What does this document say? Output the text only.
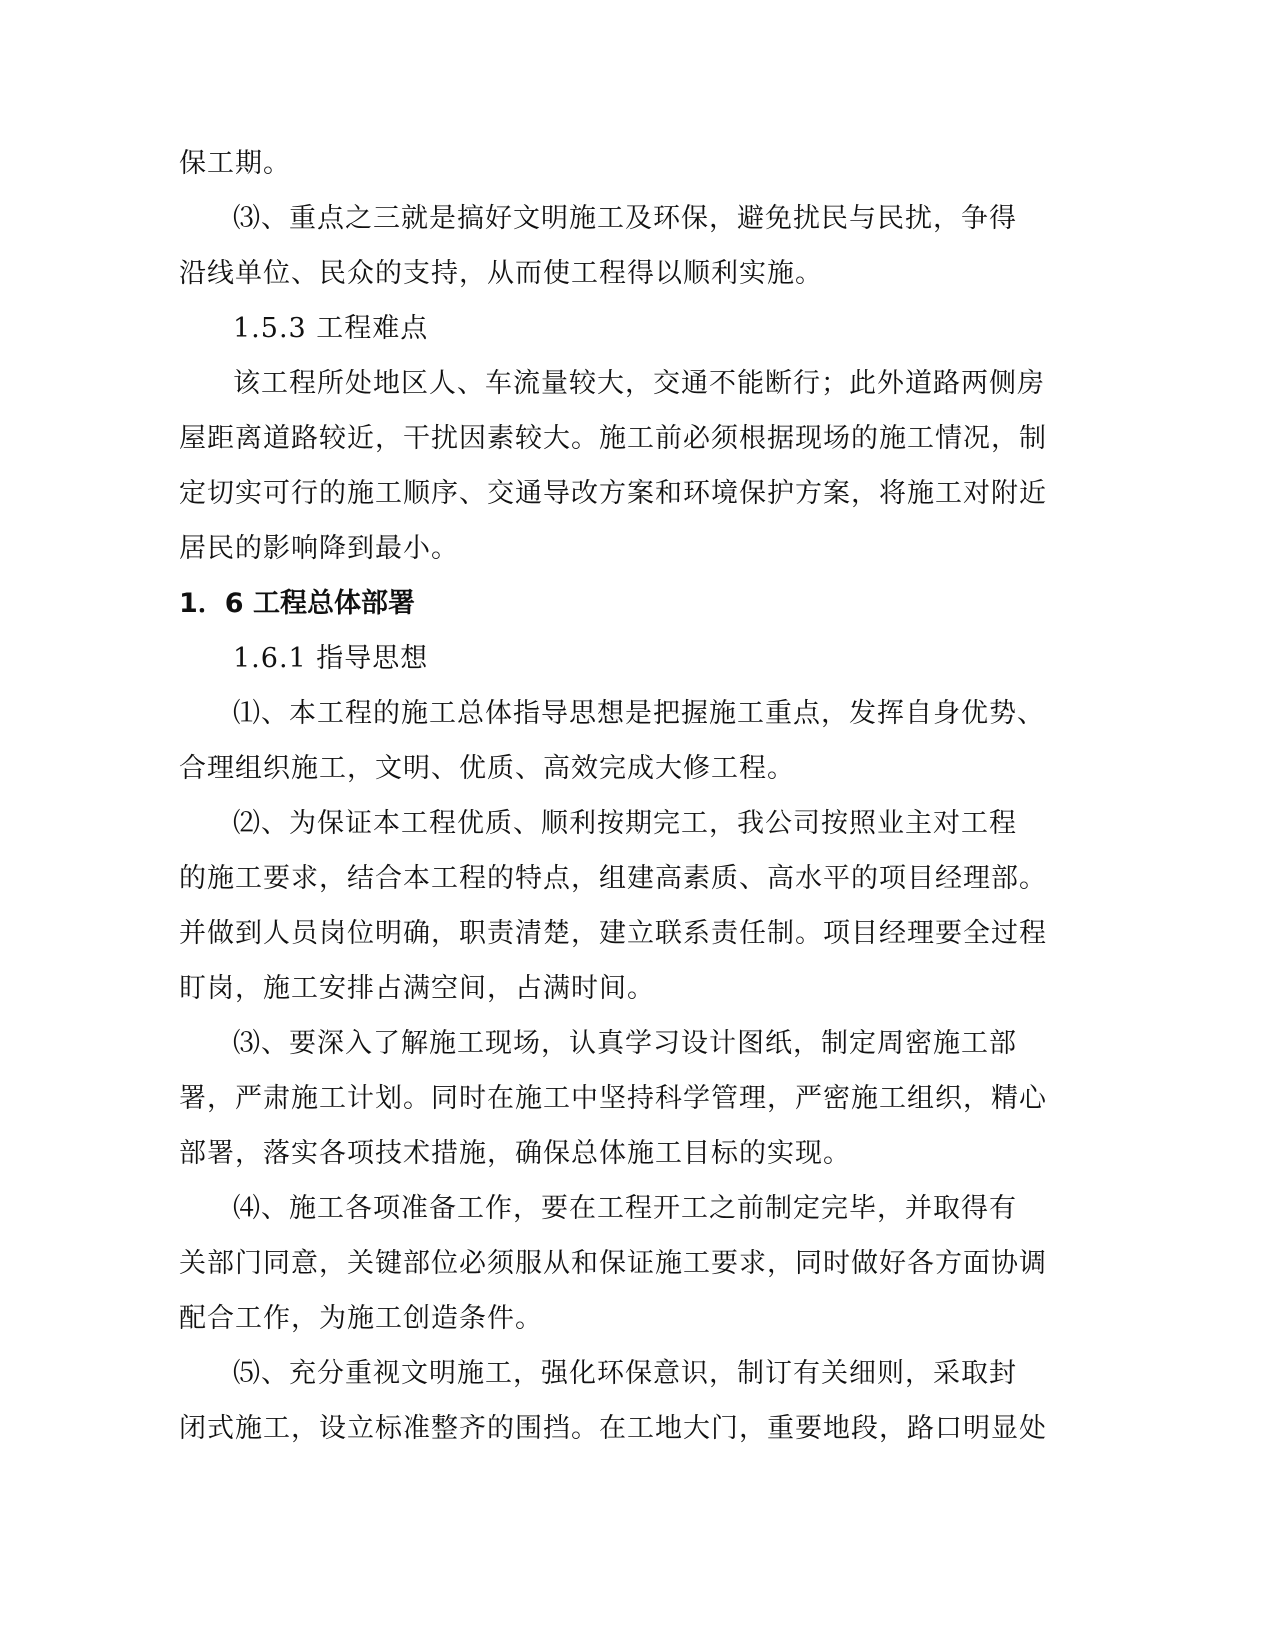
保工期。
⑶、重点之三就是搞好文明施工及环保，避免扰民与民扰，争得
沿线单位、民众的支持，从而使工程得以顺利实施。
1.5.3 工程难点
该工程所处地区人、车流量较大，交通不能断行；此外道路两侧房
屋距离道路较近，干扰因素较大。施工前必须根据现场的施工情况，制
定切实可行的施工顺序、交通导改方案和环境保护方案，将施工对附近
居民的影响降到最小。
1．6 工程总体部署
1.6.1 指导思想
⑴、本工程的施工总体指导思想是把握施工重点，发挥自身优势、
合理组织施工，文明、优质、高效完成大修工程。
⑵、为保证本工程优质、顺利按期完工，我公司按照业主对工程
的施工要求，结合本工程的特点，组建高素质、高水平的项目经理部。
并做到人员岗位明确，职责清楚，建立联系责任制。项目经理要全过程
盯岗，施工安排占满空间，占满时间。
⑶、要深入了解施工现场，认真学习设计图纸，制定周密施工部
署，严肃施工计划。同时在施工中坚持科学管理，严密施工组织，精心
部署，落实各项技术措施，确保总体施工目标的实现。
⑷、施工各项准备工作，要在工程开工之前制定完毕，并取得有
关部门同意，关键部位必须服从和保证施工要求，同时做好各方面协调
配合工作，为施工创造条件。
⑸、充分重视文明施工，强化环保意识，制订有关细则，采取封
闭式施工，设立标准整齐的围挡。在工地大门，重要地段，路口明显处
